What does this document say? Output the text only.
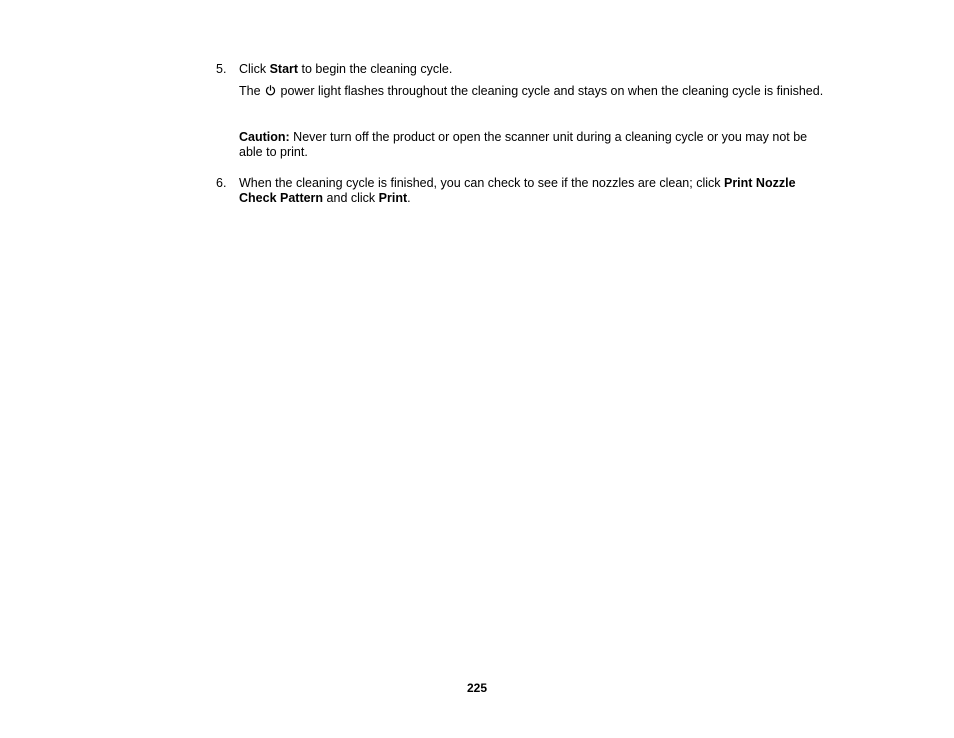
5. Click Start to begin the cleaning cycle.
The  power light flashes throughout the cleaning cycle and stays on when the cleaning cycle is finished.
Caution: Never turn off the product or open the scanner unit during a cleaning cycle or you may not be able to print.
6. When the cleaning cycle is finished, you can check to see if the nozzles are clean; click Print Nozzle Check Pattern and click Print.
225
